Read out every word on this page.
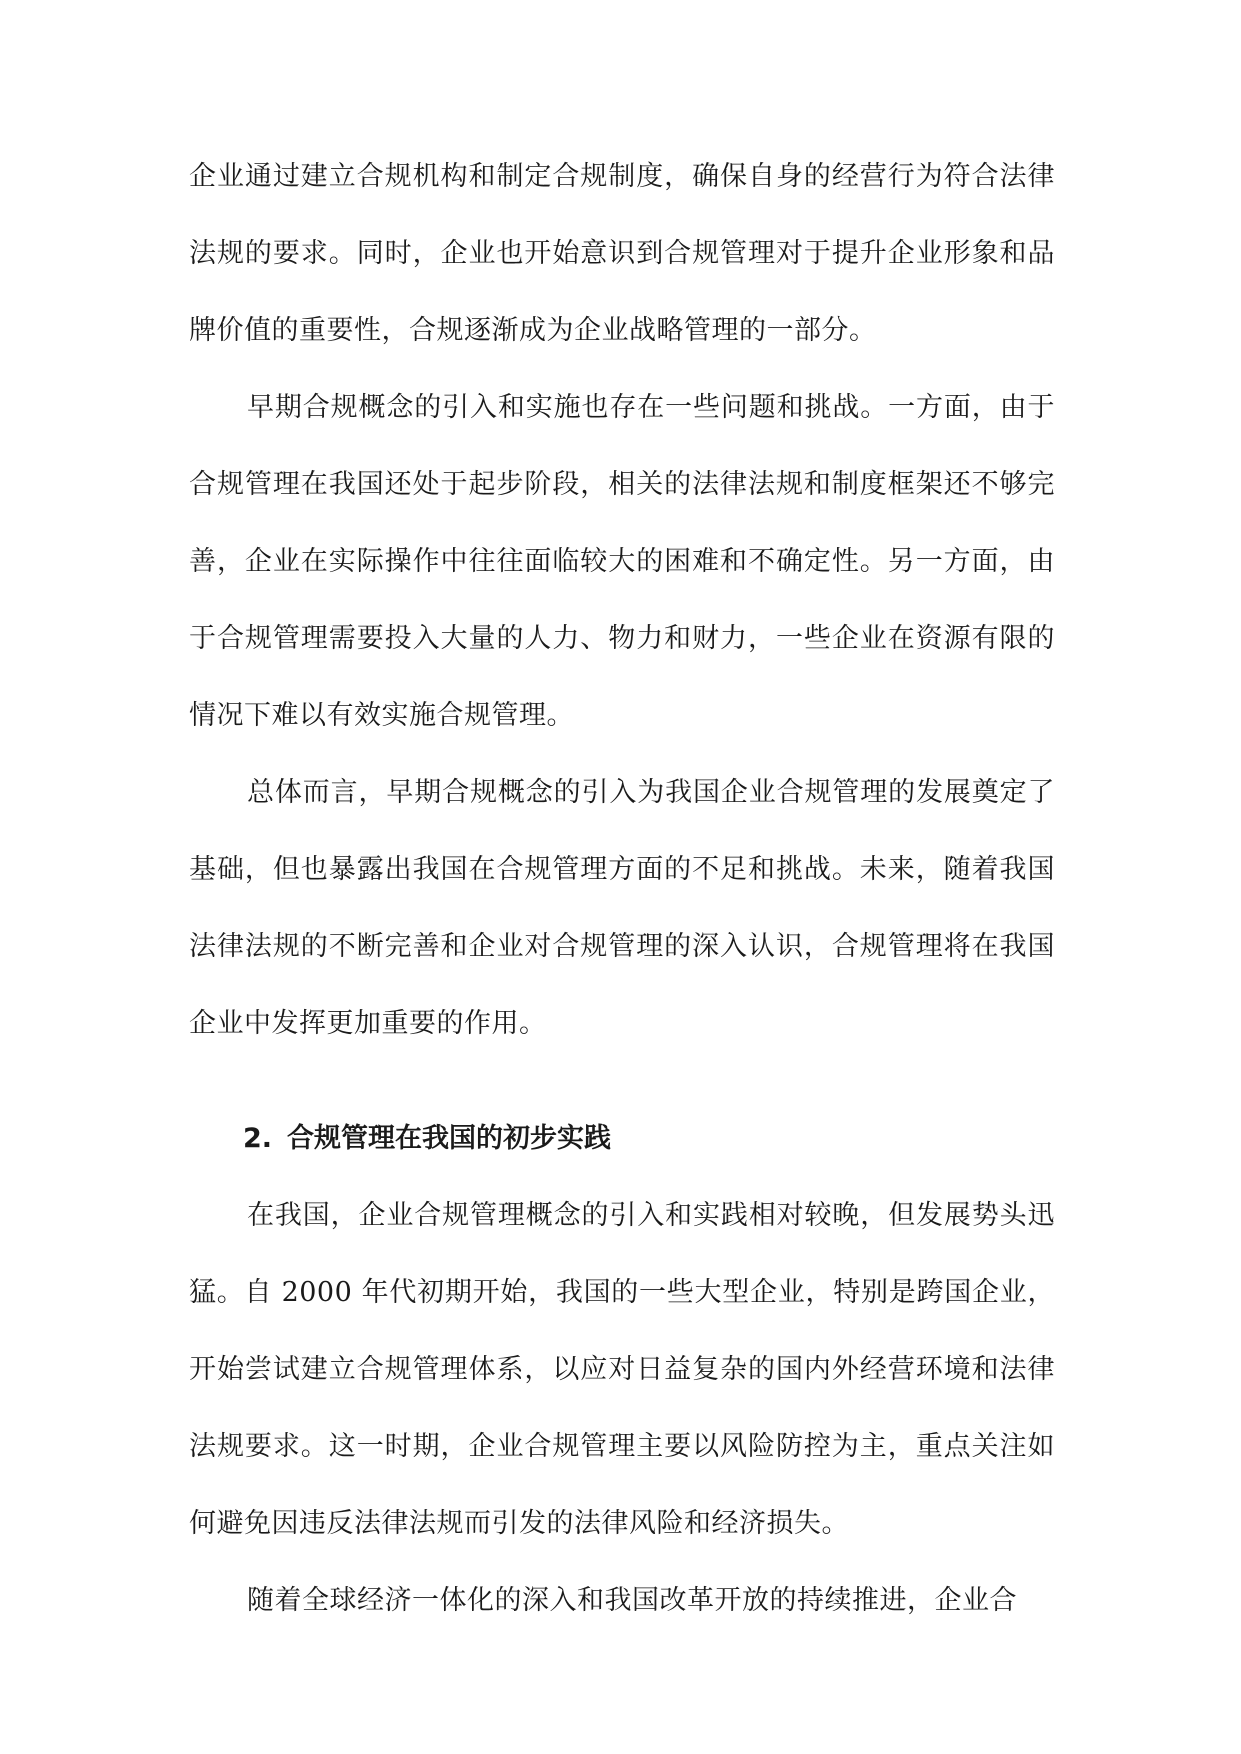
企业通过建立合规机构和制定合规制度，确保自身的经营行为符合法律法规的要求。同时，企业也开始意识到合规管理对于提升企业形象和品牌价值的重要性，合规逐渐成为企业战略管理的一部分。

早期合规概念的引入和实施也存在一些问题和挑战。一方面，由于合规管理在我国还处于起步阶段，相关的法律法规和制度框架还不够完善，企业在实际操作中往往面临较大的困难和不确定性。另一方面，由于合规管理需要投入大量的人力、物力和财力，一些企业在资源有限的情况下难以有效实施合规管理。

总体而言，早期合规概念的引入为我国企业合规管理的发展奠定了基础，但也暴露出我国在合规管理方面的不足和挑战。未来，随着我国法律法规的不断完善和企业对合规管理的深入认识，合规管理将在我国企业中发挥更加重要的作用。

2. 合规管理在我国的初步实践

在我国，企业合规管理概念的引入和实践相对较晚，但发展势头迅猛。自 2000 年代初期开始，我国的一些大型企业，特别是跨国企业，开始尝试建立合规管理体系，以应对日益复杂的国内外经营环境和法律法规要求。这一时期，企业合规管理主要以风险防控为主，重点关注如何避免因违反法律法规而引发的法律风险和经济损失。

随着全球经济一体化的深入和我国改革开放的持续推进，企业合
